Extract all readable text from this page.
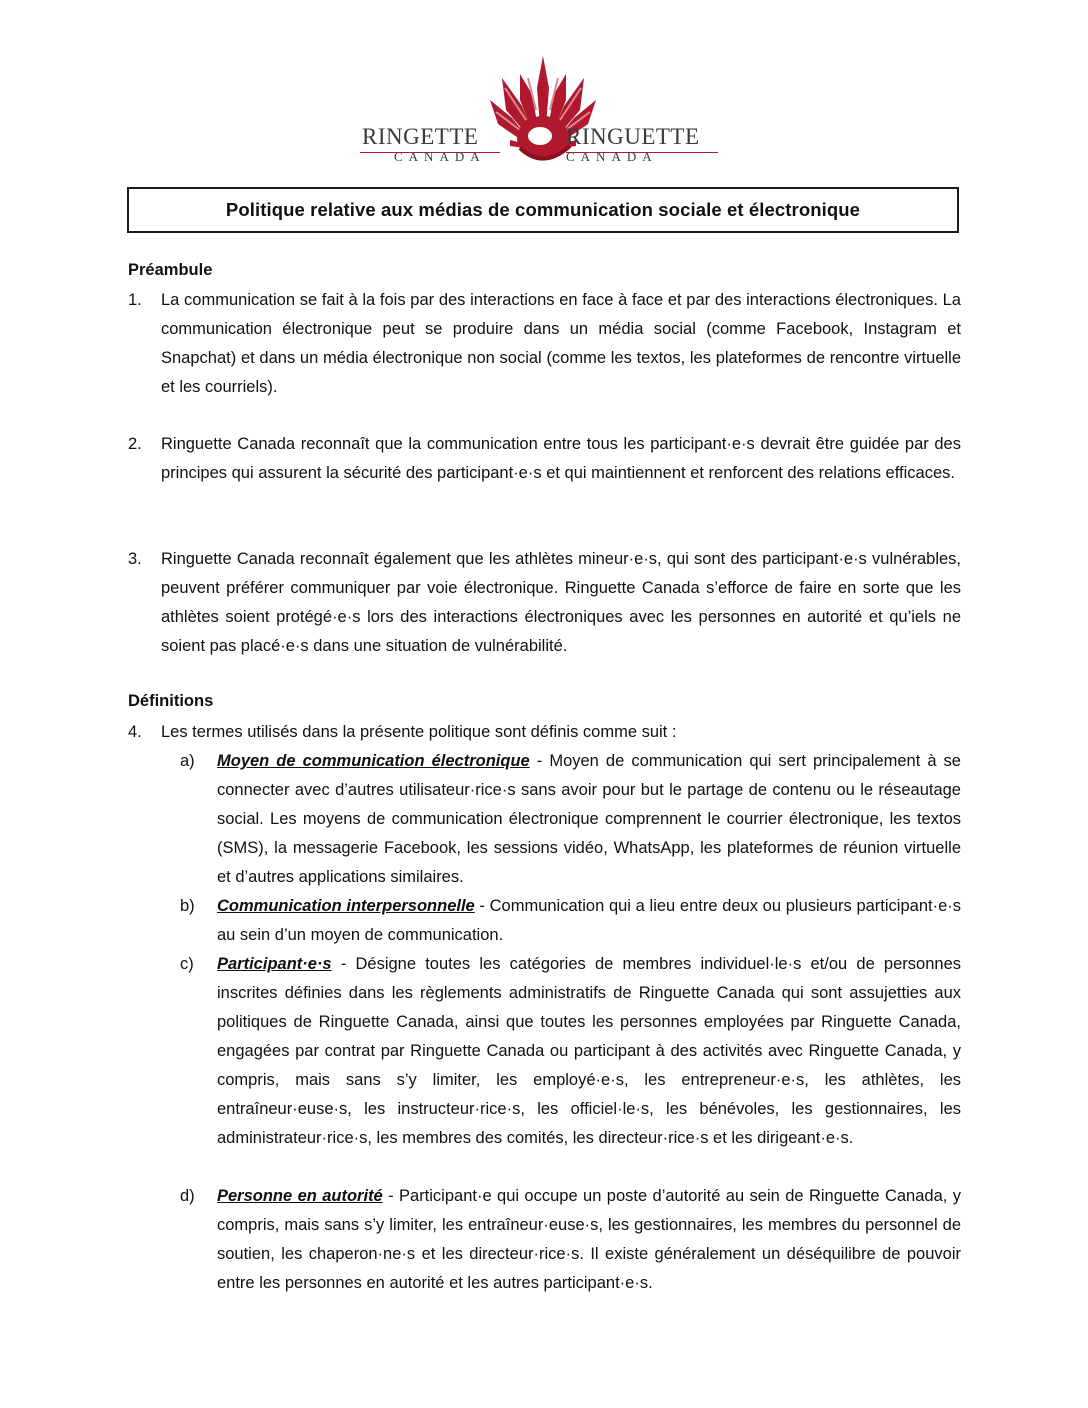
RINGETTE
CANADA
RINGUETTE
CANADA
Politique relative aux médias de communication sociale et électronique
Préambule
1. La communication se fait à la fois par des interactions en face à face et par des interactions électroniques. La communication électronique peut se produire dans un média social (comme Facebook, Instagram et Snapchat) et dans un média électronique non social (comme les textos, les plateformes de rencontre virtuelle et les courriels).
2. Ringuette Canada reconnaît que la communication entre tous les participant·e·s devrait être guidée par des principes qui assurent la sécurité des participant·e·s et qui maintiennent et renforcent des relations efficaces.
3. Ringuette Canada reconnaît également que les athlètes mineur·e·s, qui sont des participant·e·s vulnérables, peuvent préférer communiquer par voie électronique. Ringuette Canada s’efforce de faire en sorte que les athlètes soient protégé·e·s lors des interactions électroniques avec les personnes en autorité et qu’iels ne soient pas placé·e·s dans une situation de vulnérabilité.
Définitions
4. Les termes utilisés dans la présente politique sont définis comme suit :
a) Moyen de communication électronique - Moyen de communication qui sert principalement à se connecter avec d’autres utilisateur·rice·s sans avoir pour but le partage de contenu ou le réseautage social. Les moyens de communication électronique comprennent le courrier électronique, les textos (SMS), la messagerie Facebook, les sessions vidéo, WhatsApp, les plateformes de réunion virtuelle et d’autres applications similaires.
b) Communication interpersonnelle - Communication qui a lieu entre deux ou plusieurs participant·e·s au sein d’un moyen de communication.
c) Participant·e·s - Désigne toutes les catégories de membres individuel·le·s et/ou de personnes inscrites définies dans les règlements administratifs de Ringuette Canada qui sont assujetties aux politiques de Ringuette Canada, ainsi que toutes les personnes employées par Ringuette Canada, engagées par contrat par Ringuette Canada ou participant à des activités avec Ringuette Canada, y compris, mais sans s’y limiter, les employé·e·s, les entrepreneur·e·s, les athlètes, les entraîneur·euse·s, les instructeur·rice·s, les officiel·le·s, les bénévoles, les gestionnaires, les administrateur·rice·s, les membres des comités, les directeur·rice·s et les dirigeant·e·s.
d) Personne en autorité - Participant·e qui occupe un poste d’autorité au sein de Ringuette Canada, y compris, mais sans s’y limiter, les entraîneur·euse·s, les gestionnaires, les membres du personnel de soutien, les chaperon·ne·s et les directeur·rice·s. Il existe généralement un déséquilibre de pouvoir entre les personnes en autorité et les autres participant·e·s.
